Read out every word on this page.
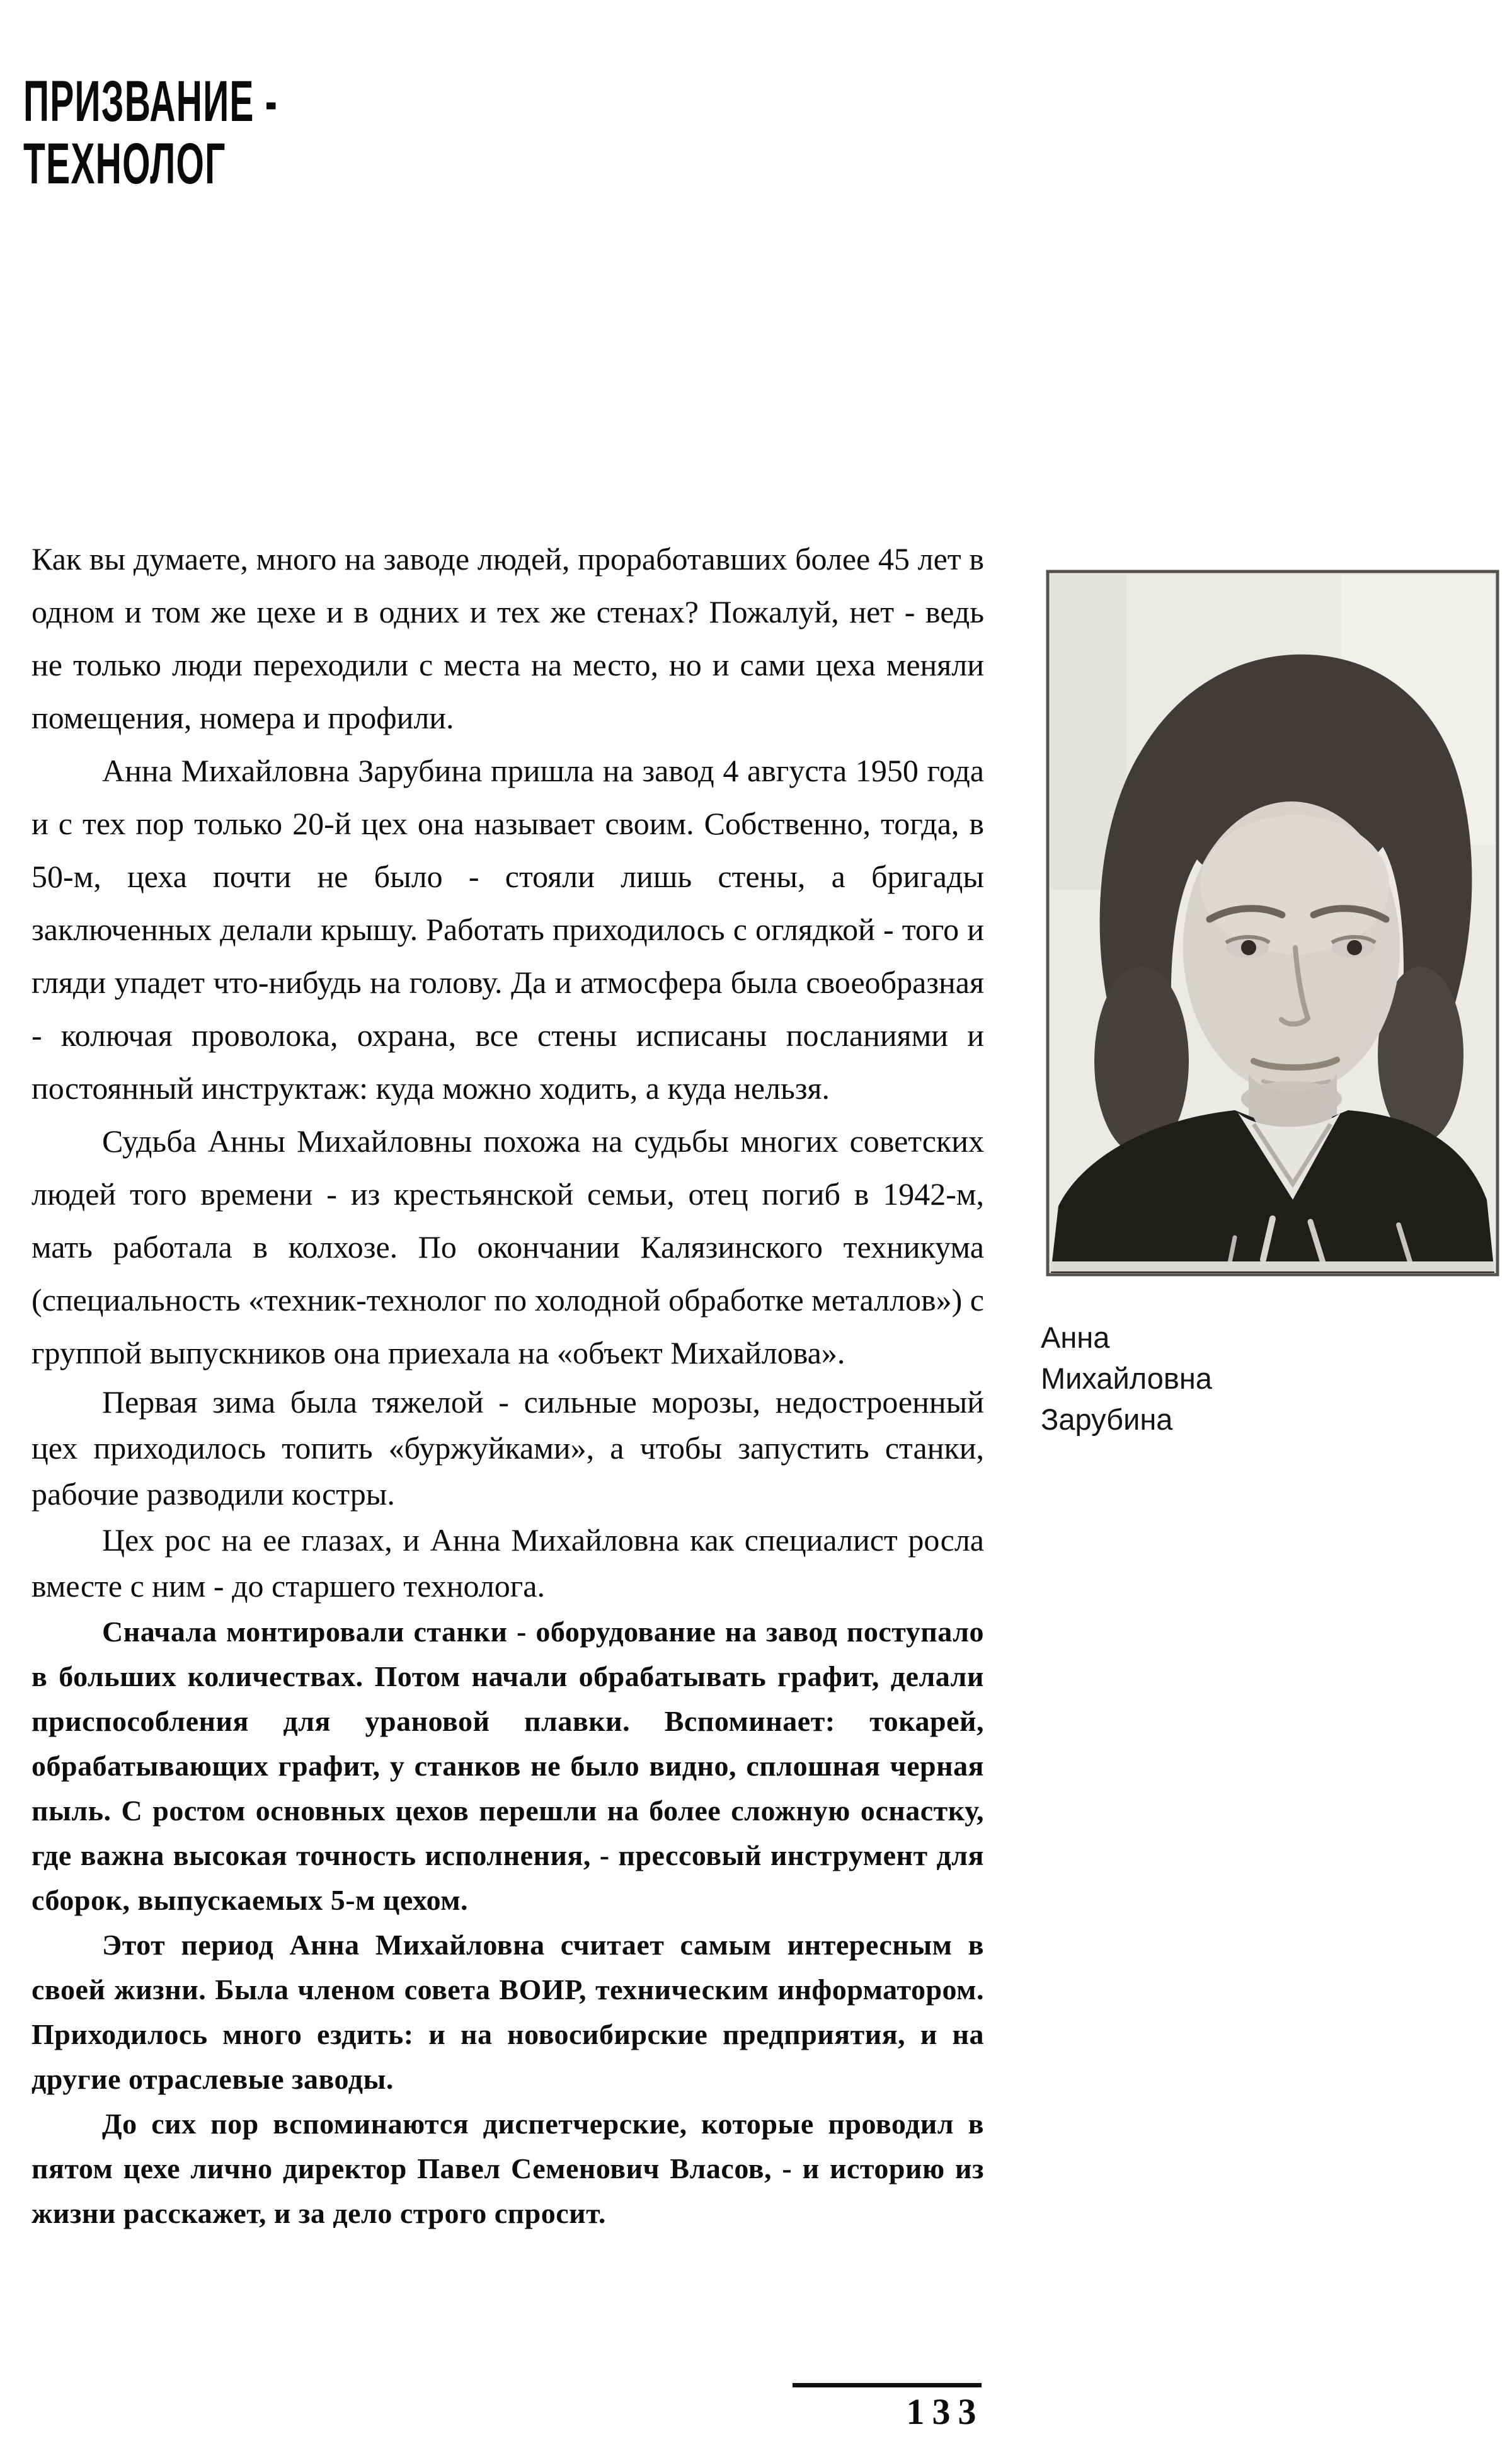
ПРИЗВАНИЕ -
ТЕХНОЛОГ

Как вы думаете, много на заводе людей, проработавших более 45 лет в одном и том же цехе и в одних и тех же стенах? Пожалуй, нет - ведь не только люди переходили с места на место, но и сами цеха меняли помещения, номера и профили.

Анна Михайловна Зарубина пришла на завод 4 августа 1950 года и с тех пор только 20-й цех она называет своим. Собственно, тогда, в 50-м, цеха почти не было - стояли лишь стены, а бригады заключенных делали крышу. Работать приходилось с оглядкой - того и гляди упадет что-нибудь на голову. Да и атмосфера была своеобразная - колючая проволока, охрана, все стены исписаны посланиями и постоянный инструктаж: куда можно ходить, а куда нельзя.

Судьба Анны Михайловны похожа на судьбы многих советских людей того времени - из крестьянской семьи, отец погиб в 1942-м, мать работала в колхозе. По окончании Калязинского техникума (специальность «техник-технолог по холодной обработке металлов») с группой выпускников она приехала на «объект Михайлова».

Первая зима была тяжелой - сильные морозы, недостроенный цех приходилось топить «буржуйками», а чтобы запустить станки, рабочие разводили костры.

Цех рос на ее глазах, и Анна Михайловна как специалист росла вместе с ним - до старшего технолога.

Сначала монтировали станки - оборудование на завод поступало в больших количествах. Потом начали обрабатывать графит, делали приспособления для урановой плавки. Вспоминает: токарей, обрабатывающих графит, у станков не было видно, сплошная черная пыль. С ростом основных цехов перешли на более сложную оснастку, где важна высокая точность исполнения, - прессовый инструмент для сборок, выпускаемых 5-м цехом.

Этот период Анна Михайловна считает самым интересным в своей жизни. Была членом совета ВОИР, техническим информатором. Приходилось много ездить: и на новосибирские предприятия, и на другие отраслевые заводы.

До сих пор вспоминаются диспетчерские, которые проводил в пятом цехе лично директор Павел Семенович Власов, - и историю из жизни расскажет, и за дело строго спросит.

Анна
Михайловна
Зарубина
133
